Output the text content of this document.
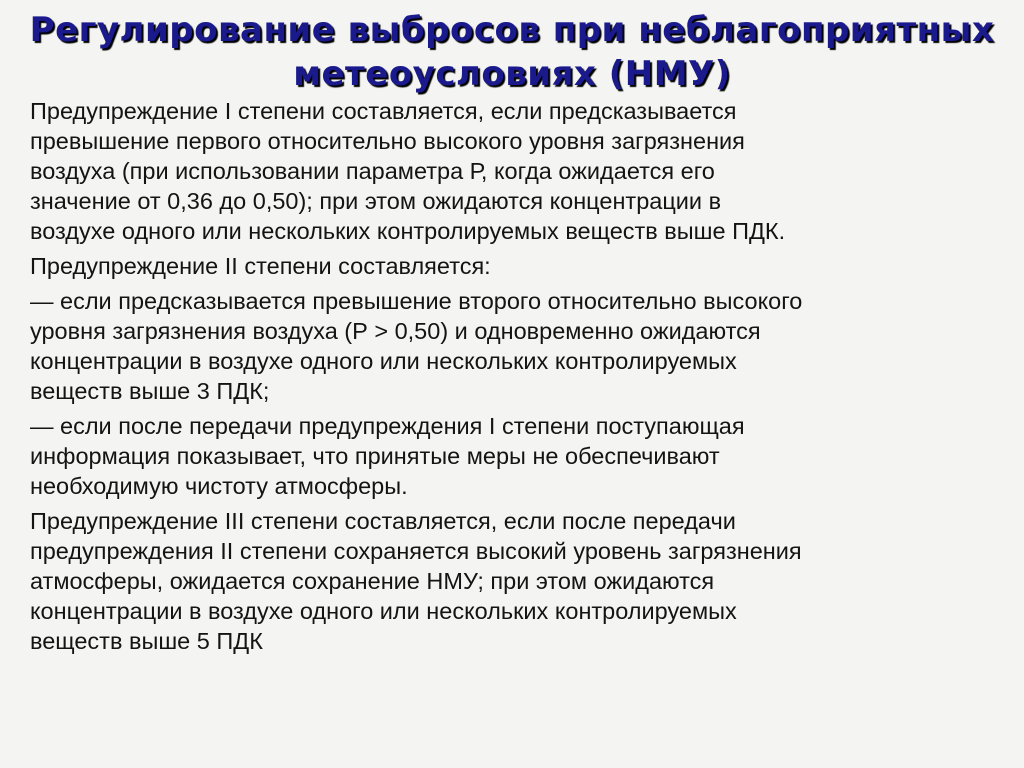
Регулирование выбросов при неблагоприятных
метеоусловиях (НМУ)
Предупреждение I степени составляется, если предсказывается
превышение первого относительно высокого уровня загрязнения
воздуха (при использовании параметра Р, когда ожидается его
значение от 0,36 до 0,50); при этом ожидаются концентрации в
воздухе одного или нескольких контролируемых веществ выше ПДК.
Предупреждение II степени составляется:
— если предсказывается превышение второго относительно высокого
уровня загрязнения воздуха (Р > 0,50) и одновременно ожидаются
концентрации в воздухе одного или нескольких контролируемых
веществ выше 3 ПДК;
— если после передачи предупреждения I степени поступающая
информация показывает, что принятые меры не обеспечивают
необходимую чистоту атмосферы.
Предупреждение III степени составляется, если после передачи
предупреждения II степени сохраняется высокий уровень загрязнения
атмосферы, ожидается сохранение НМУ; при этом ожидаются
концентрации в воздухе одного или нескольких контролируемых
веществ выше 5 ПДК
